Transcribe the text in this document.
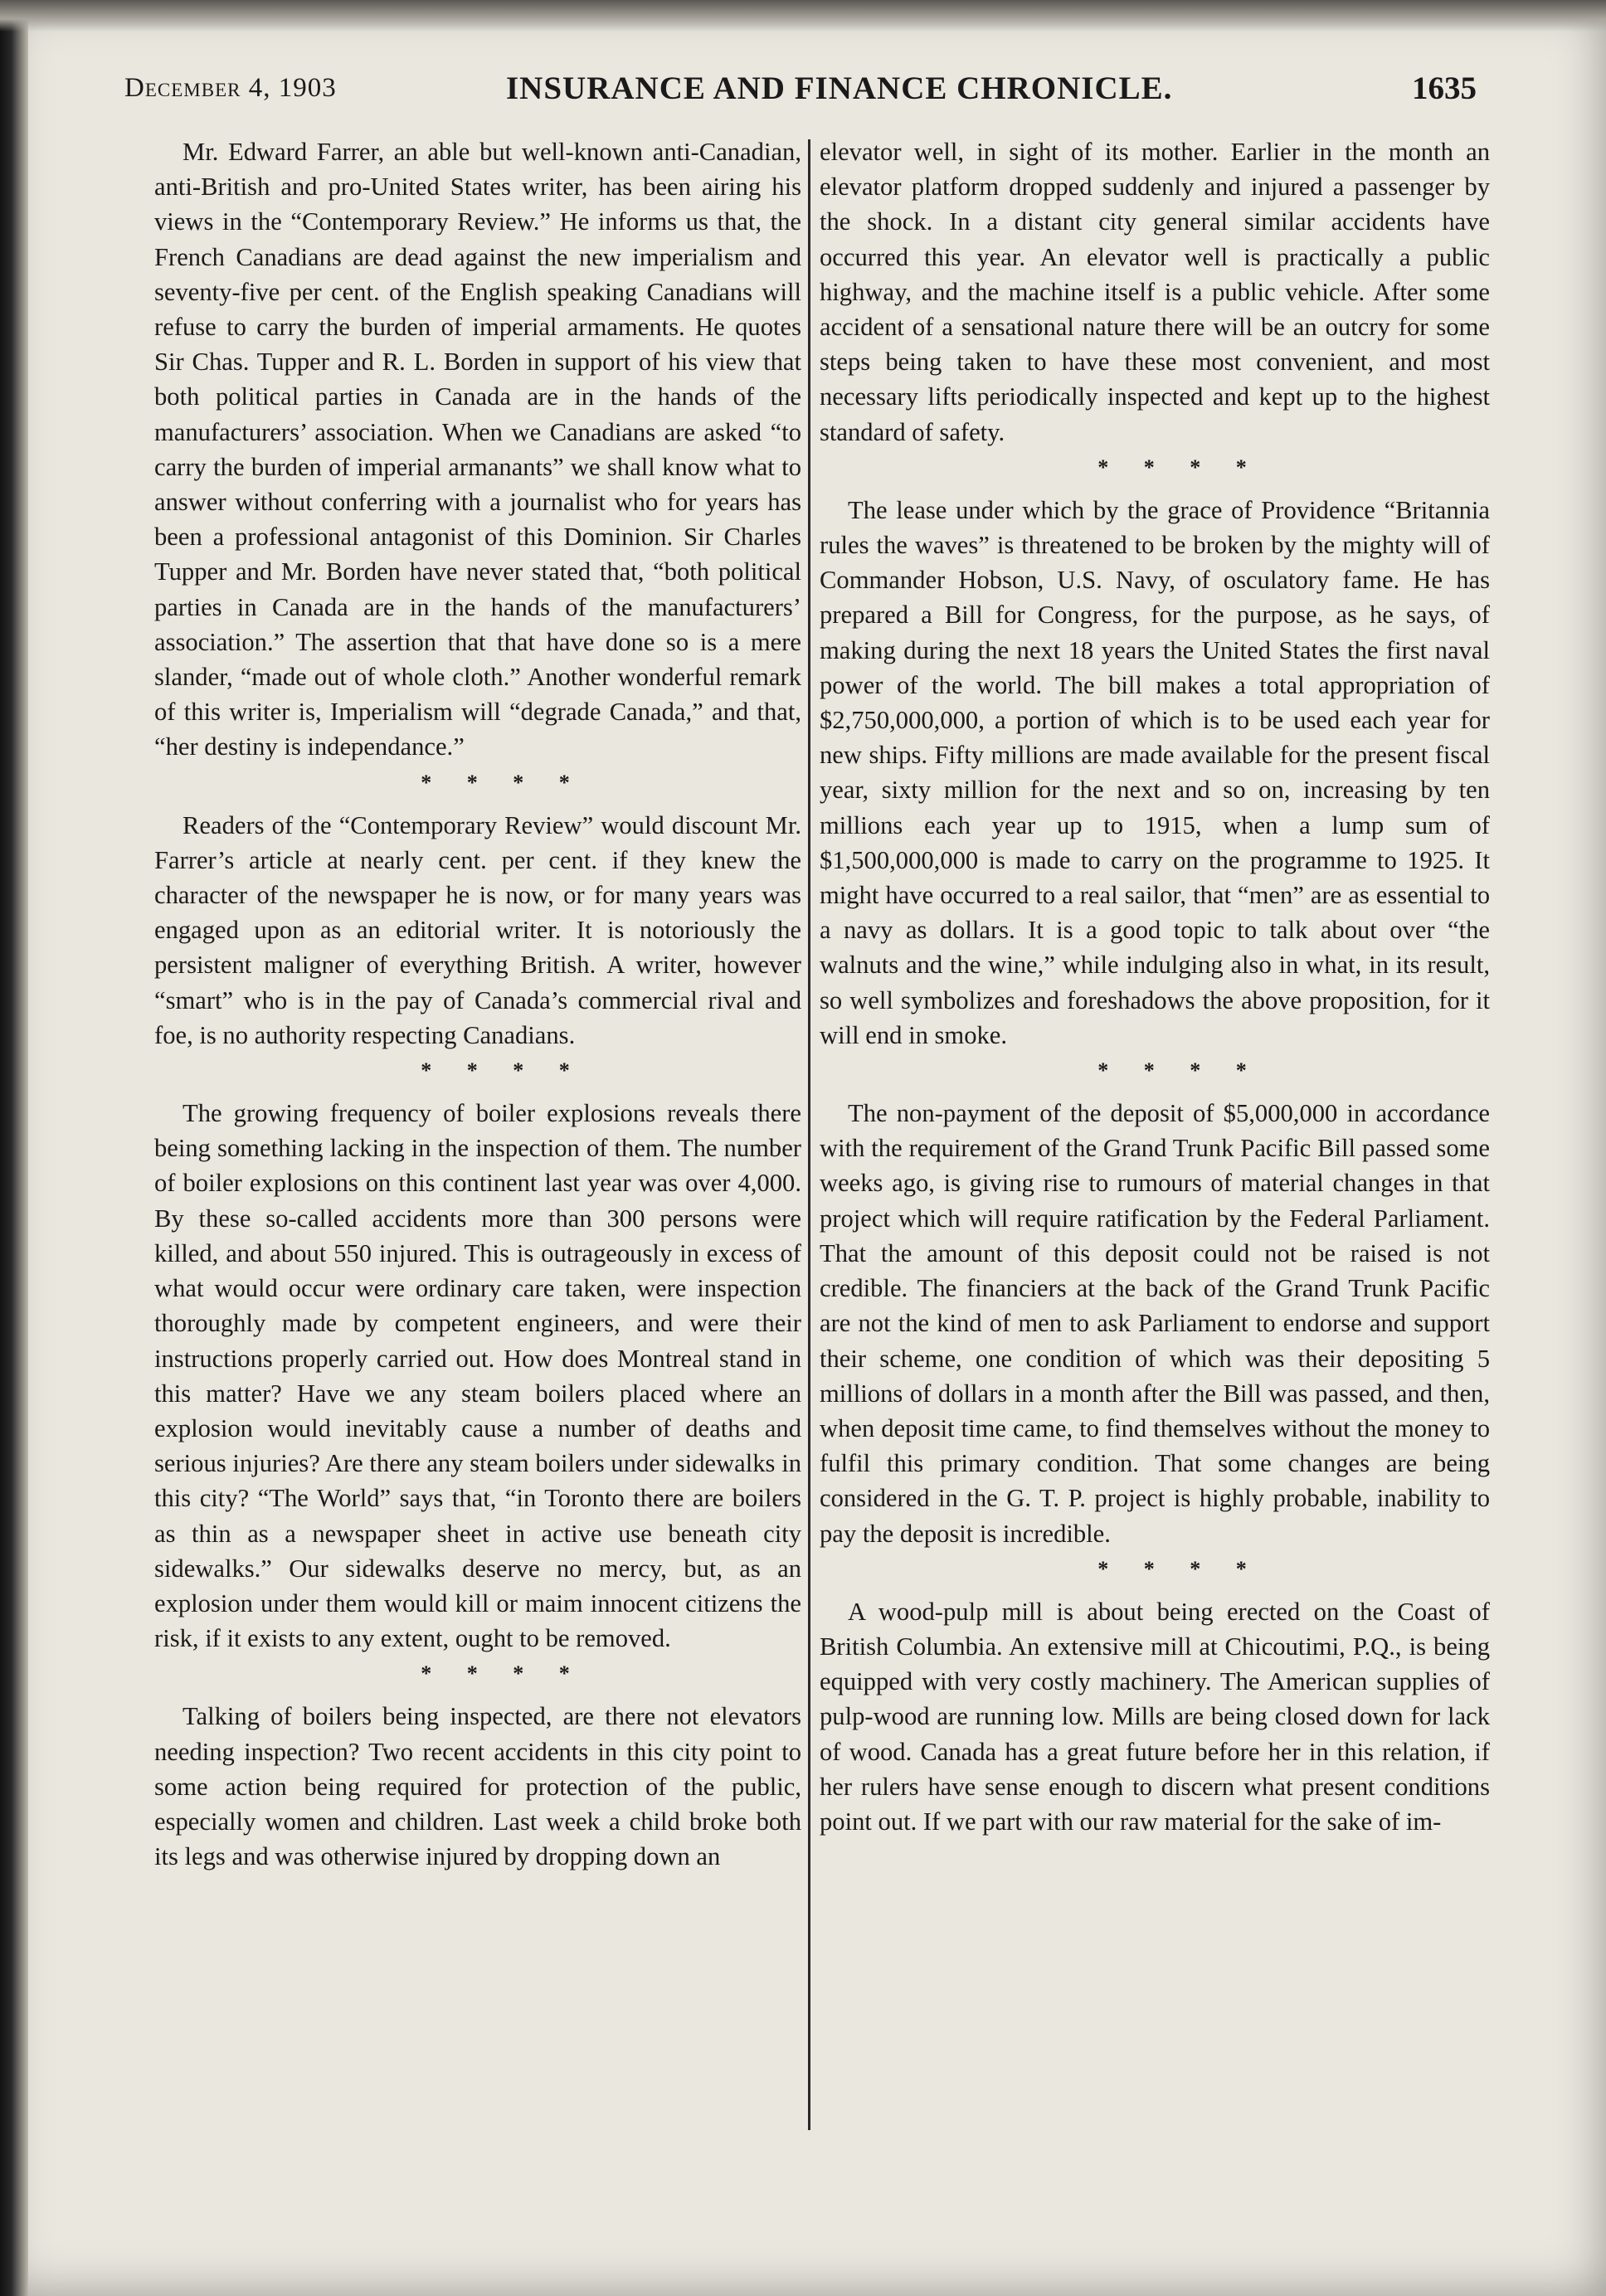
December 4, 1903	INSURANCE AND FINANCE CHRONICLE.	1635

Mr. Edward Farrer, an able but well-known anti-Canadian, anti-British and pro-United States writer, has been airing his views in the “Contemporary Review.” He informs us that, the French Canadians are dead against the new imperialism and seventy-five per cent. of the English speaking Canadians will refuse to carry the burden of imperial armaments. He quotes Sir Chas. Tupper and R. L. Borden in support of his view that both political parties in Canada are in the hands of the manufacturers’ association. When we Canadians are asked “to carry the burden of imperial armanants” we shall know what to answer without conferring with a journalist who for years has been a professional antagonist of this Dominion. Sir Charles Tupper and Mr. Borden have never stated that, “both political parties in Canada are in the hands of the manufacturers’ association.” The assertion that that have done so is a mere slander, “made out of whole cloth.” Another wonderful remark of this writer is, Imperialism will “degrade Canada,” and that, “her destiny is independance.”

* * * *

Readers of the “Contemporary Review” would discount Mr. Farrer’s article at nearly cent. per cent. if they knew the character of the newspaper he is now, or for many years was engaged upon as an editorial writer. It is notoriously the persistent maligner of everything British. A writer, however “smart” who is in the pay of Canada’s commercial rival and foe, is no authority respecting Canadians.

* * * *

The growing frequency of boiler explosions reveals there being something lacking in the inspection of them. The number of boiler explosions on this continent last year was over 4,000. By these so-called accidents more than 300 persons were killed, and about 550 injured. This is outrageously in excess of what would occur were ordinary care taken, were inspection thoroughly made by competent engineers, and were their instructions properly carried out. How does Montreal stand in this matter? Have we any steam boilers placed where an explosion would inevitably cause a number of deaths and serious injuries? Are there any steam boilers under sidewalks in this city? “The World” says that, “in Toronto there are boilers as thin as a newspaper sheet in active use beneath city sidewalks.” Our sidewalks deserve no mercy, but, as an explosion under them would kill or maim innocent citizens the risk, if it exists to any extent, ought to be removed.

* * * *

Talking of boilers being inspected, are there not elevators needing inspection? Two recent accidents in this city point to some action being required for protection of the public, especially women and children. Last week a child broke both its legs and was otherwise injured by dropping down an

elevator well, in sight of its mother. Earlier in the month an elevator platform dropped suddenly and injured a passenger by the shock. In a distant city general similar accidents have occurred this year. An elevator well is practically a public highway, and the machine itself is a public vehicle. After some accident of a sensational nature there will be an outcry for some steps being taken to have these most convenient, and most necessary lifts periodically inspected and kept up to the highest standard of safety.

* * * *

The lease under which by the grace of Providence “Britannia rules the waves” is threatened to be broken by the mighty will of Commander Hobson, U.S. Navy, of osculatory fame. He has prepared a Bill for Congress, for the purpose, as he says, of making during the next 18 years the United States the first naval power of the world. The bill makes a total appropriation of $2,750,000,000, a portion of which is to be used each year for new ships. Fifty millions are made available for the present fiscal year, sixty million for the next and so on, increasing by ten millions each year up to 1915, when a lump sum of $1,500,000,000 is made to carry on the programme to 1925. It might have occurred to a real sailor, that “men” are as essential to a navy as dollars. It is a good topic to talk about over “the walnuts and the wine,” while indulging also in what, in its result, so well symbolizes and foreshadows the above proposition, for it will end in smoke.

* * * *

The non-payment of the deposit of $5,000,000 in accordance with the requirement of the Grand Trunk Pacific Bill passed some weeks ago, is giving rise to rumours of material changes in that project which will require ratification by the Federal Parliament. That the amount of this deposit could not be raised is not credible. The financiers at the back of the Grand Trunk Pacific are not the kind of men to ask Parliament to endorse and support their scheme, one condition of which was their depositing 5 millions of dollars in a month after the Bill was passed, and then, when deposit time came, to find themselves without the money to fulfil this primary condition. That some changes are being considered in the G. T. P. project is highly probable, inability to pay the deposit is incredible.

* * * *

A wood-pulp mill is about being erected on the Coast of British Columbia. An extensive mill at Chicoutimi, P.Q., is being equipped with very costly machinery. The American supplies of pulp-wood are running low. Mills are being closed down for lack of wood. Canada has a great future before her in this relation, if her rulers have sense enough to discern what present conditions point out. If we part with our raw material for the sake of im-
